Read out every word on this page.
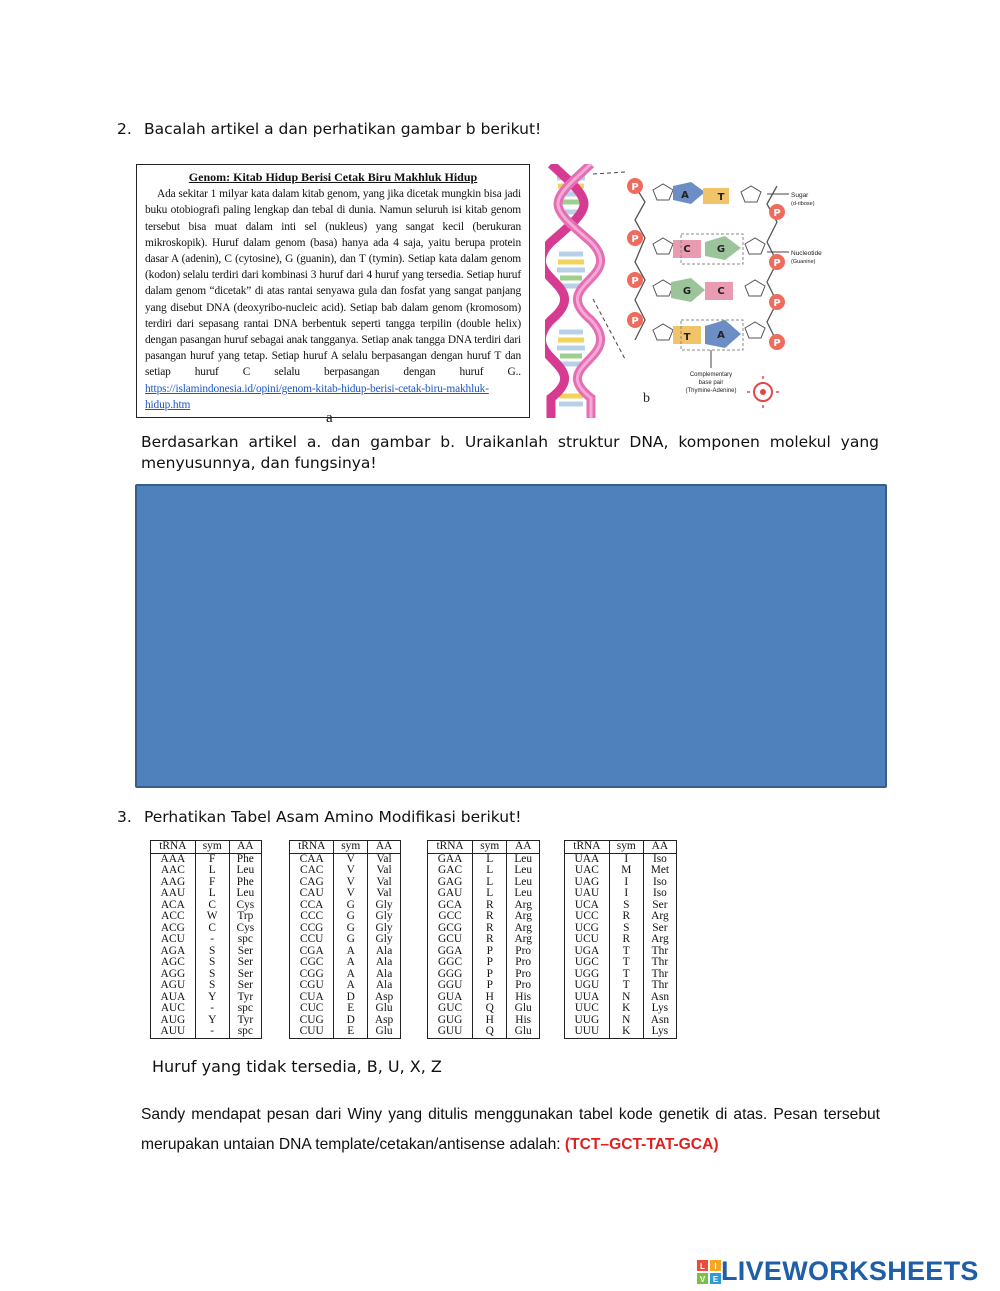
2. Bacalah artikel a dan perhatikan gambar b berikut!
Genom: Kitab Hidup Berisi Cetak Biru Makhluk Hidup

Ada sekitar 1 milyar kata dalam kitab genom, yang jika dicetak mungkin bisa jadi buku otobiografi paling lengkap dan tebal di dunia. Namun seluruh isi kitab genom tersebut bisa muat dalam inti sel (nukleus) yang sangat kecil (berukuran mikroskopik). Huruf dalam genom (basa) hanya ada 4 saja, yaitu berupa protein dasar A (adenin), C (cytosine), G (guanin), dan T (tymin). Setiap kata dalam genom (kodon) selalu terdiri dari kombinasi 3 huruf dari 4 huruf yang tersedia. Setiap huruf dalam genom “dicetak” di atas rantai senyawa gula dan fosfat yang sangat panjang yang disebut DNA (deoxyribo-nucleic acid). Setiap bab dalam genom (kromosom) terdiri dari sepasang rantai DNA berbentuk seperti tangga terpilin (double helix) dengan pasangan huruf sebagai anak tangganya. Setiap anak tangga DNA terdiri dari pasangan huruf yang tetap. Setiap huruf A selalu berpasangan dengan huruf T dan setiap huruf C selalu berpasangan dengan huruf G.. https://islamindonesia.id/opini/genom-kitab-hidup-berisi-cetak-biru-makhluk-hidup.htm

a
P
A	T
P
P
C	G
P
P
G	C
P
P
T	A
P
Sugar
(d-ribose)
Nucleotide
(Guanine)
Complementary
base pair
(Thymine-Adenine)
b
Berdasarkan artikel a. dan gambar b. Uraikanlah struktur DNA, komponen molekul yang menyusunnya, dan fungsinya!
3. Perhatikan Tabel Asam Amino Modifikasi berikut!
tRNA	sym	AA
AAA	F	Phe
AAC	L	Leu
AAG	F	Phe
AAU	L	Leu
ACA	C	Cys
ACC	W	Trp
ACG	C	Cys
ACU	-	spc
AGA	S	Ser
AGC	S	Ser
AGG	S	Ser
AGU	S	Ser
AUA	Y	Tyr
AUC	-	spc
AUG	Y	Tyr
AUU	-	spc
tRNA	sym	AA
CAA	V	Val
CAC	V	Val
CAG	V	Val
CAU	V	Val
CCA	G	Gly
CCC	G	Gly
CCG	G	Gly
CCU	G	Gly
CGA	A	Ala
CGC	A	Ala
CGG	A	Ala
CGU	A	Ala
CUA	D	Asp
CUC	E	Glu
CUG	D	Asp
CUU	E	Glu
tRNA	sym	AA
GAA	L	Leu
GAC	L	Leu
GAG	L	Leu
GAU	L	Leu
GCA	R	Arg
GCC	R	Arg
GCG	R	Arg
GCU	R	Arg
GGA	P	Pro
GGC	P	Pro
GGG	P	Pro
GGU	P	Pro
GUA	H	His
GUC	Q	Glu
GUG	H	His
GUU	Q	Glu
tRNA	sym	AA
UAA	I	Iso
UAC	M	Met
UAG	I	Iso
UAU	I	Iso
UCA	S	Ser
UCC	R	Arg
UCG	S	Ser
UCU	R	Arg
UGA	T	Thr
UGC	T	Thr
UGG	T	Thr
UGU	T	Thr
UUA	N	Asn
UUC	K	Lys
UUG	N	Asn
UUU	K	Lys
Huruf yang tidak tersedia, B, U, X, Z
Sandy mendapat pesan dari Winy yang ditulis menggunakan tabel kode genetik di atas. Pesan tersebut merupakan untaian DNA template/cetakan/antisense adalah: (TCT–GCT-TAT-GCA)
L I
V E LIVEWORKSHEETS
